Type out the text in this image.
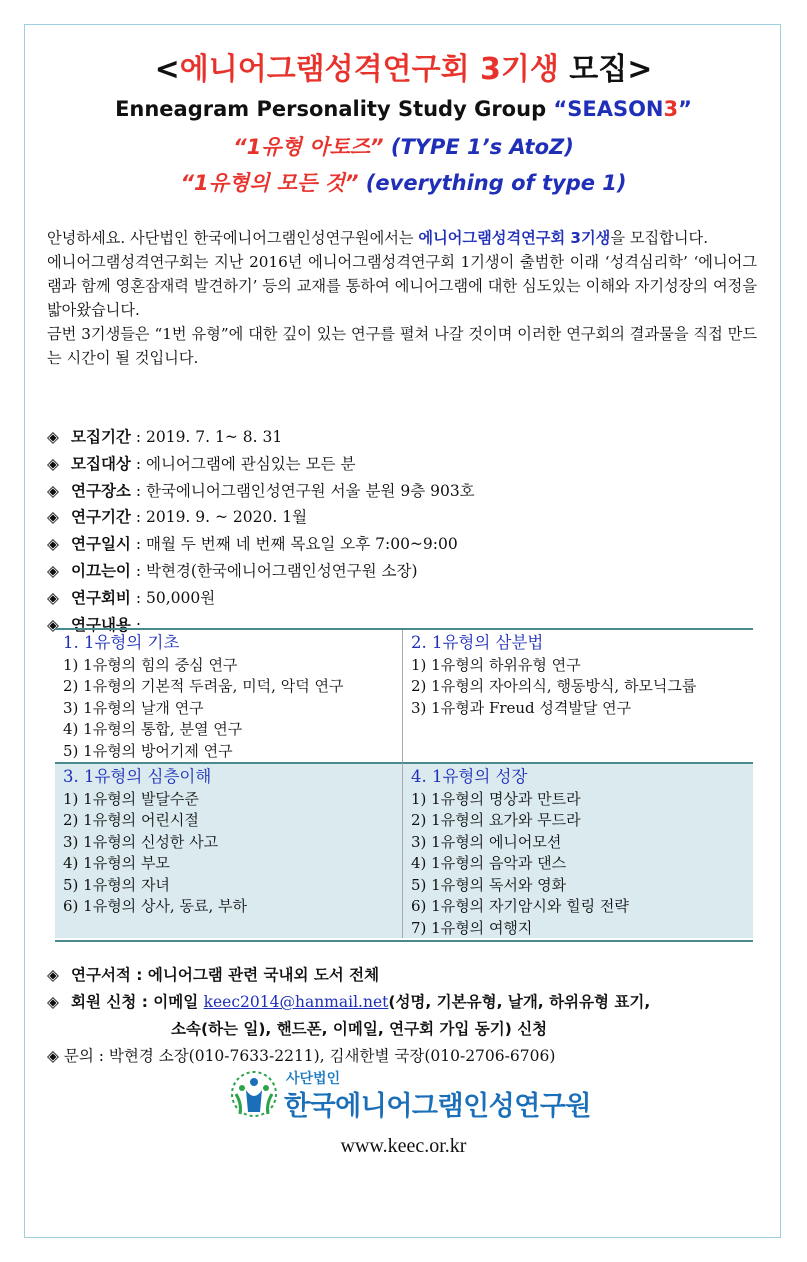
<에니어그램성격연구회 3기생 모집>
Enneagram Personality Study Group “SEASON3”
“1유형 아토즈” (TYPE 1’s AtoZ)
“1유형의 모든 것” (everything of type 1)

안녕하세요. 사단법인 한국에니어그램인성연구원에서는 에니어그램성격연구회 3기생을 모집합니다.

에니어그램성격연구회는 지난 2016년 에니어그램성격연구회 1기생이 출범한 이래 ‘성격심리학’ ‘에니어그램과 함께 영혼잠재력 발견하기’ 등의 교재를 통하여 에니어그램에 대한 심도있는 이해와 자기성장의 여정을 밟아왔습니다.

금번 3기생들은 “1번 유형”에 대한 깊이 있는 연구를 펼쳐 나갈 것이며 이러한 연구회의 결과물을 직접 만드는 시간이 될 것입니다.

◈ 모집기간 : 2019. 7. 1~ 8. 31
◈ 모집대상 : 에니어그램에 관심있는 모든 분
◈ 연구장소 : 한국에니어그램인성연구원 서울 분원 9층 903호
◈ 연구기간 : 2019. 9. ~ 2020. 1월
◈ 연구일시 : 매월 두 번째 네 번째 목요일 오후 7:00~9:00
◈ 이끄는이 : 박현경(한국에니어그램인성연구원 소장)
◈ 연구회비 : 50,000원
◈ 연구내용 :
1. 1유형의 기초
1) 1유형의 힘의 중심 연구
2) 1유형의 기본적 두려움, 미덕, 악덕 연구
3) 1유형의 날개 연구
4) 1유형의 통합, 분열 연구
5) 1유형의 방어기제 연구
2. 1유형의 삼분법
1) 1유형의 하위유형 연구
2) 1유형의 자아의식, 행동방식, 하모닉그룹
3) 1유형과 Freud 성격발달 연구
3. 1유형의 심층이해
1) 1유형의 발달수준
2) 1유형의 어린시절
3) 1유형의 신성한 사고
4) 1유형의 부모
5) 1유형의 자녀
6) 1유형의 상사, 동료, 부하
4. 1유형의 성장
1) 1유형의 명상과 만트라
2) 1유형의 요가와 무드라
3) 1유형의 에니어모션
4) 1유형의 음악과 댄스
5) 1유형의 독서와 영화
6) 1유형의 자기암시와 힐링 전략
7) 1유형의 여행지
◈ 연구서적 : 에니어그램 관련 국내외 도서 전체
◈ 회원 신청 : 이메일 keec2014@hanmail.net(성명, 기본유형, 날개, 하위유형 표기,
소속(하는 일), 핸드폰, 이메일, 연구회 가입 동기) 신청
◈ 문의 : 박현경 소장(010-7633-2211), 김새한별 국장(010-2706-6706)
사단법인
한국에니어그램인성연구원
www.keec.or.kr
